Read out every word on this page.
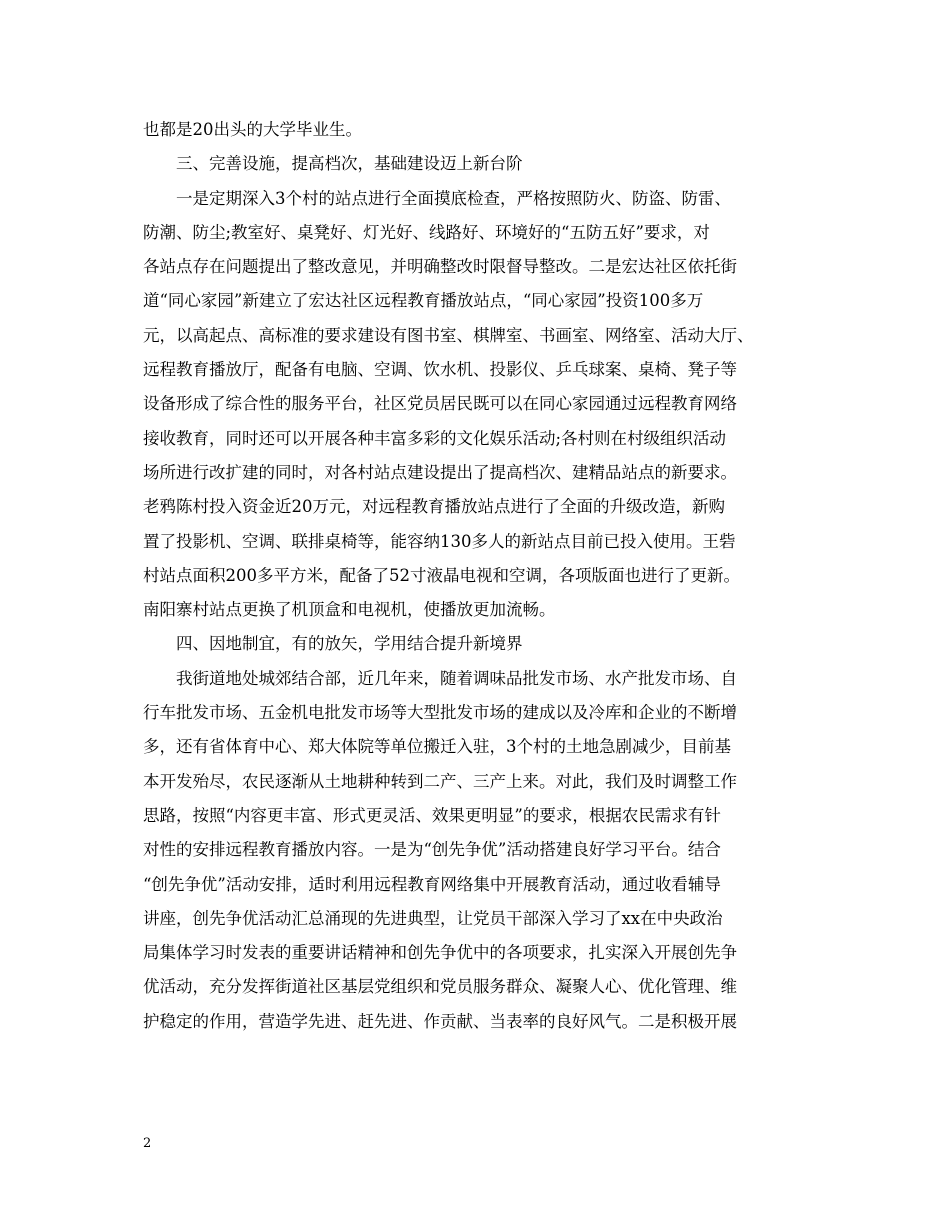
也都是20出头的大学毕业生。
三、完善设施，提高档次，基础建设迈上新台阶
一是定期深入3个村的站点进行全面摸底检查，严格按照防火、防盗、防雷、
防潮、防尘;教室好、桌凳好、灯光好、线路好、环境好的“五防五好”要求，对
各站点存在问题提出了整改意见，并明确整改时限督导整改。二是宏达社区依托街
道“同心家园”新建立了宏达社区远程教育播放站点，“同心家园”投资100多万
元，以高起点、高标准的要求建设有图书室、棋牌室、书画室、网络室、活动大厅、
远程教育播放厅，配备有电脑、空调、饮水机、投影仪、乒乓球案、桌椅、凳子等
设备形成了综合性的服务平台，社区党员居民既可以在同心家园通过远程教育网络
接收教育，同时还可以开展各种丰富多彩的文化娱乐活动;各村则在村级组织活动
场所进行改扩建的同时，对各村站点建设提出了提高档次、建精品站点的新要求。
老鸦陈村投入资金近20万元，对远程教育播放站点进行了全面的升级改造，新购
置了投影机、空调、联排桌椅等，能容纳130多人的新站点目前已投入使用。王砦
村站点面积200多平方米，配备了52寸液晶电视和空调，各项版面也进行了更新。
南阳寨村站点更换了机顶盒和电视机，使播放更加流畅。
四、因地制宜，有的放矢，学用结合提升新境界
我街道地处城郊结合部，近几年来，随着调味品批发市场、水产批发市场、自
行车批发市场、五金机电批发市场等大型批发市场的建成以及冷库和企业的不断增
多，还有省体育中心、郑大体院等单位搬迁入驻，3个村的土地急剧减少，目前基
本开发殆尽，农民逐渐从土地耕种转到二产、三产上来。对此，我们及时调整工作
思路，按照“内容更丰富、形式更灵活、效果更明显”的要求，根据农民需求有针
对性的安排远程教育播放内容。一是为“创先争优”活动搭建良好学习平台。结合
“创先争优”活动安排，适时利用远程教育网络集中开展教育活动，通过收看辅导
讲座，创先争优活动汇总涌现的先进典型，让党员干部深入学习了xx在中央政治
局集体学习时发表的重要讲话精神和创先争优中的各项要求，扎实深入开展创先争
优活动，充分发挥街道社区基层党组织和党员服务群众、凝聚人心、优化管理、维
护稳定的作用，营造学先进、赶先进、作贡献、当表率的良好风气。二是积极开展
2
